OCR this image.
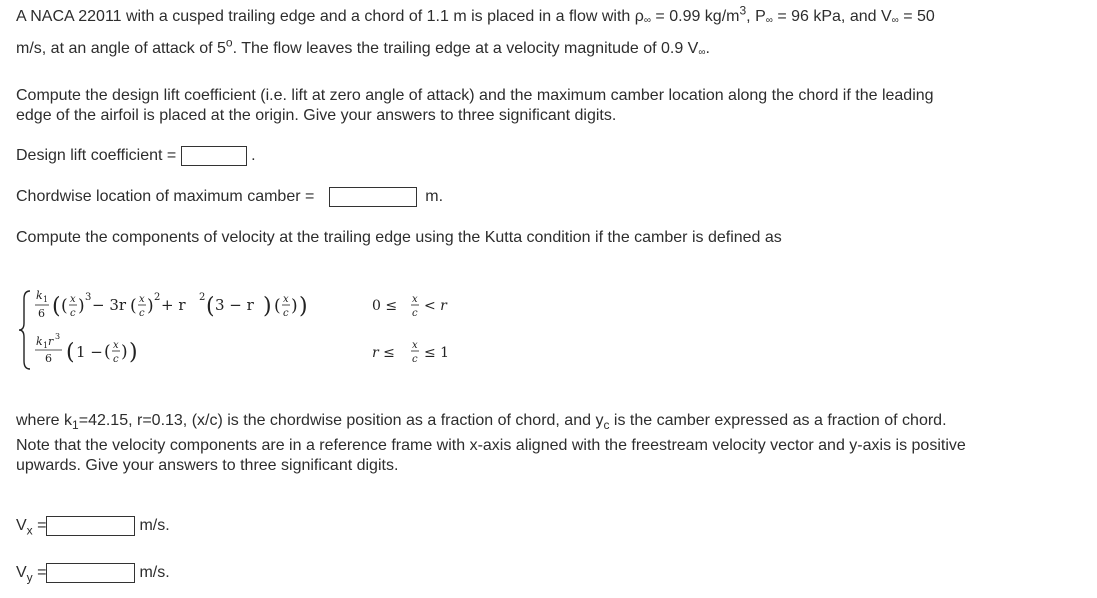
A NACA 22011 with a cusped trailing edge and a chord of 1.1 m is placed in a flow with $\rho_\infty = 0.99$ $kg/m^3$, $P_\infty = 96$ kPa, and $V_\infty = 50$
m/s, at an angle of attack of 5$^o$. The flow leaves the trailing edge at a velocity magnitude of 0.9 $V_\infty$.
Compute the design lift coefficient (i.e. lift at zero angle of attack) and the maximum camber location along the chord if the leading
edge of the airfoil is placed at the origin. Give your answers to three significant digits.
Design lift coefficient =	.
Chordwise location of maximum camber =	m.
Compute the components of velocity at the trailing edge using the Kutta condition if the camber is defined as
k 1
6 ( ( x
c ) 3 − 3r ( x
c ) 2 + r 2 ( 3 − r ) ( x
c ) )	0 ≤ x
c < r
k 1 r 3
6 ( 1 − ( x
c ) )	r ≤ x
c ≤ 1
where $k_1=42.15$, r=0.13, (x/c) is the chordwise position as a fraction of chord, and $y_c$ is the camber expressed as a fraction of chord.
Note that the velocity components are in a reference frame with x-axis aligned with the freestream velocity vector and y-axis is positive
upwards. Give your answers to three significant digits.
$V_x$ =	m/s.
$V_y$ =	m/s.
